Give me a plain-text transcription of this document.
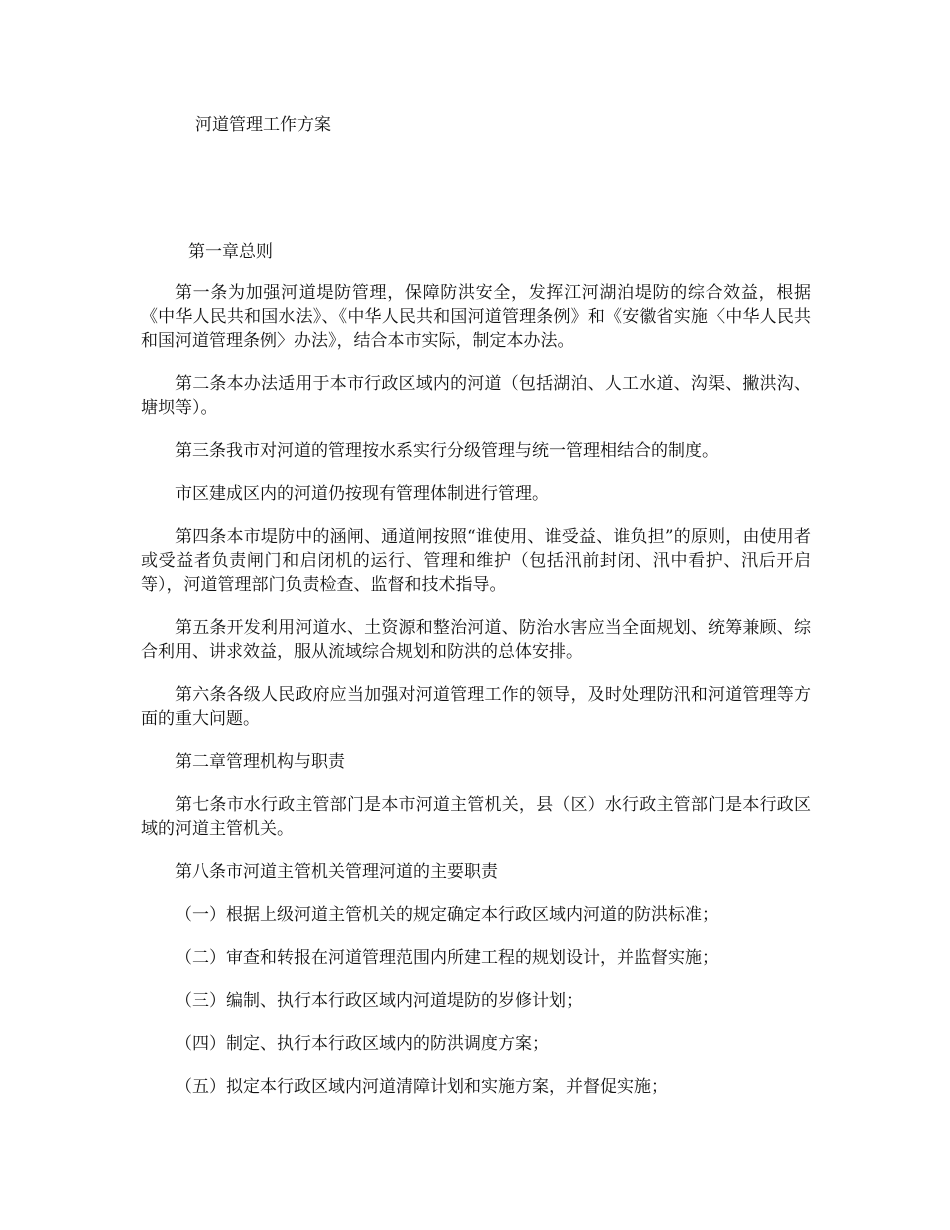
河道管理工作方案
第一章总则

第一条为加强河道堤防管理，保障防洪安全，发挥江河湖泊堤防的综合效益，根据《中华人民共和国水法》、《中华人民共和国河道管理条例》和《安徽省实施〈中华人民共和国河道管理条例〉办法》，结合本市实际，制定本办法。

第二条本办法适用于本市行政区域内的河道（包括湖泊、人工水道、沟渠、撇洪沟、塘坝等）。

第三条我市对河道的管理按水系实行分级管理与统一管理相结合的制度。

市区建成区内的河道仍按现有管理体制进行管理。

第四条本市堤防中的涵闸、通道闸按照“谁使用、谁受益、谁负担”的原则，由使用者或受益者负责闸门和启闭机的运行、管理和维护（包括汛前封闭、汛中看护、汛后开启等），河道管理部门负责检查、监督和技术指导。

第五条开发利用河道水、土资源和整治河道、防治水害应当全面规划、统筹兼顾、综合利用、讲求效益，服从流域综合规划和防洪的总体安排。

第六条各级人民政府应当加强对河道管理工作的领导，及时处理防汛和河道管理等方面的重大问题。

第二章管理机构与职责

第七条市水行政主管部门是本市河道主管机关，县（区）水行政主管部门是本行政区域的河道主管机关。

第八条市河道主管机关管理河道的主要职责

（一）根据上级河道主管机关的规定确定本行政区域内河道的防洪标准；

（二）审查和转报在河道管理范围内所建工程的规划设计，并监督实施；

（三）编制、执行本行政区域内河道堤防的岁修计划；

（四）制定、执行本行政区域内的防洪调度方案；

（五）拟定本行政区域内河道清障计划和实施方案，并督促实施；
